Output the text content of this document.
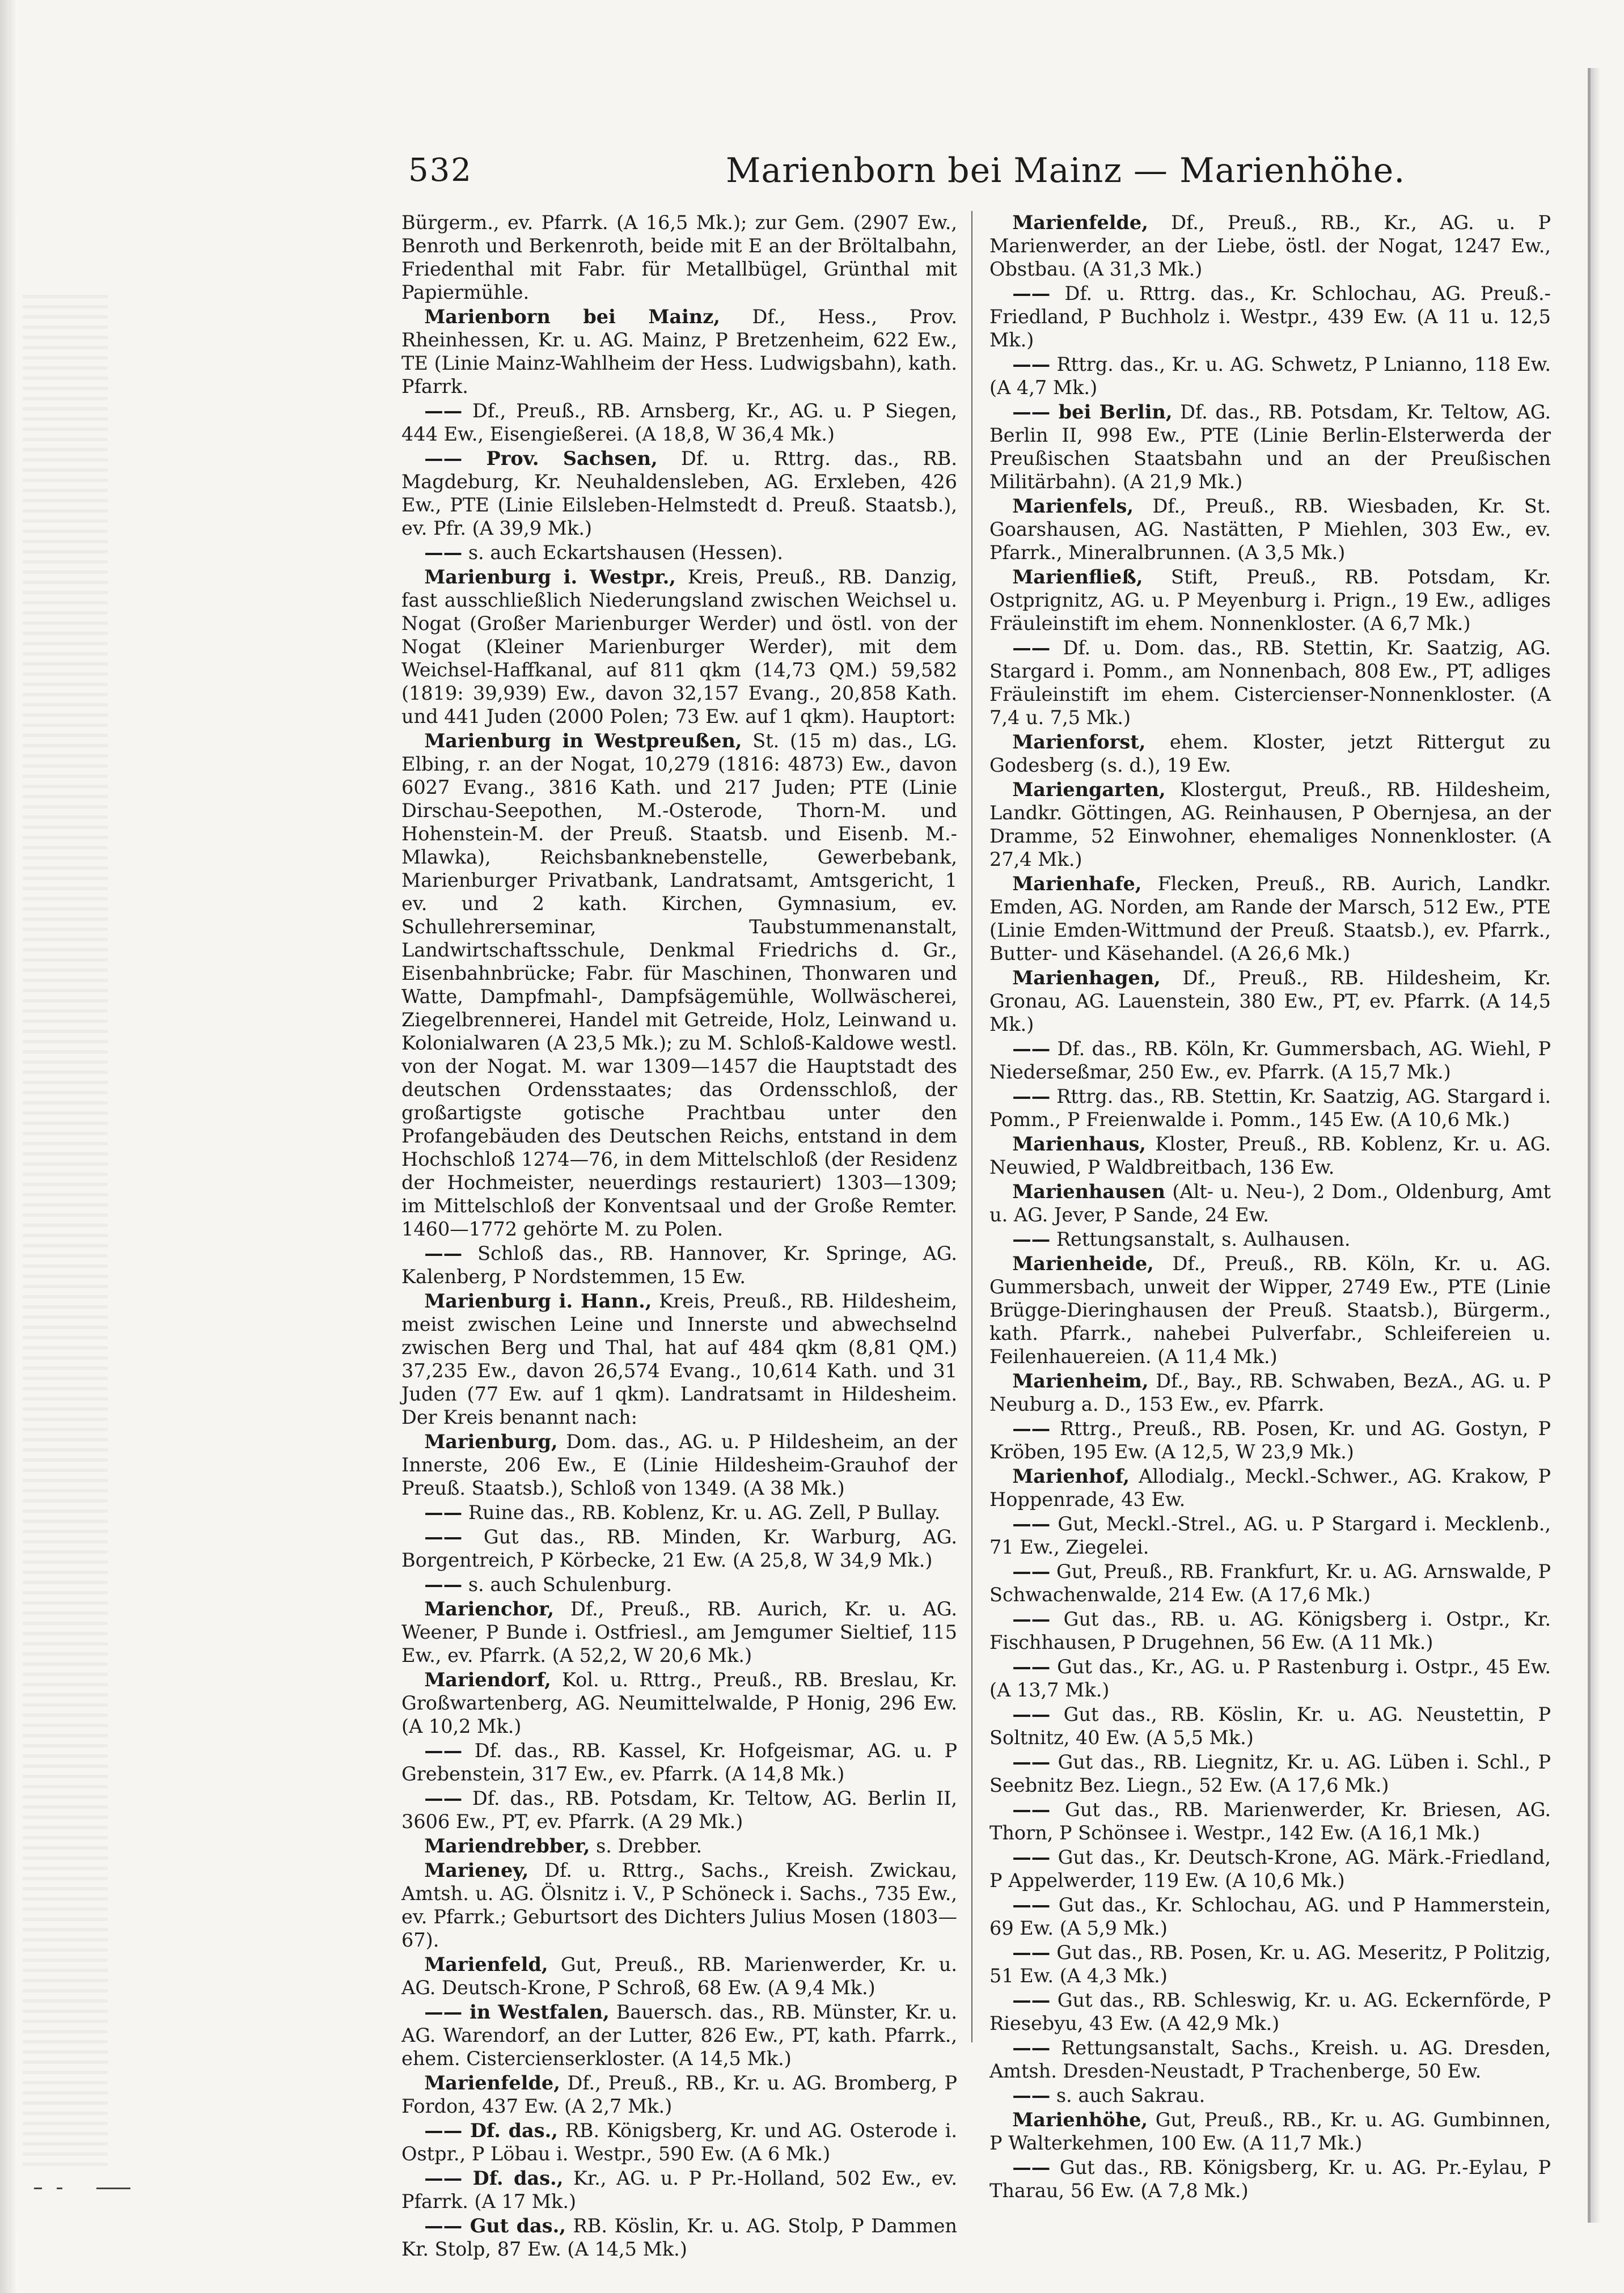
532	Marienborn bei Mainz — Marienhöhe.

Bürgerm., ev. Pfarrk. (A 16,5 Mk.); zur Gem. (2907 Ew., Benroth und Berkenroth, beide mit E an der Bröltalbahn, Friedenthal mit Fabr. für Metallbügel, Grünthal mit Papiermühle.

Marienborn bei Mainz, Df., Hess., Prov. Rheinhessen, Kr. u. AG. Mainz, P Bretzenheim, 622 Ew., TE (Linie Mainz-Wahlheim der Hess. Ludwigsbahn), kath. Pfarrk.

—— Df., Preuß., RB. Arnsberg, Kr., AG. u. P Siegen, 444 Ew., Eisengießerei. (A 18,8, W 36,4 Mk.)

—— Prov. Sachsen, Df. u. Rttrg. das., RB. Magdeburg, Kr. Neuhaldensleben, AG. Erxleben, 426 Ew., PTE (Linie Eilsleben-Helmstedt d. Preuß. Staatsb.), ev. Pfr. (A 39,9 Mk.)

—— s. auch Eckartshausen (Hessen).

Marienburg i. Westpr., Kreis, Preuß., RB. Danzig, fast ausschließlich Niederungsland zwischen Weichsel u. Nogat (Großer Marienburger Werder) und östl. von der Nogat (Kleiner Marienburger Werder), mit dem Weichsel-Haffkanal, auf 811 qkm (14,73 QM.) 59,582 (1819: 39,939) Ew., davon 32,157 Evang., 20,858 Kath. und 441 Juden (2000 Polen; 73 Ew. auf 1 qkm). Hauptort:

Marienburg in Westpreußen, St. (15 m) das., LG. Elbing, r. an der Nogat, 10,279 (1816: 4873) Ew., davon 6027 Evang., 3816 Kath. und 217 Juden; PTE (Linie Dirschau-Seepothen, M.-Osterode, Thorn-M. und Hohenstein-M. der Preuß. Staatsb. und Eisenb. M.-Mlawka), Reichsbanknebenstelle, Gewerbebank, Marienburger Privatbank, Landratsamt, Amtsgericht, 1 ev. und 2 kath. Kirchen, Gymnasium, ev. Schullehrerseminar, Taubstummenanstalt, Landwirtschaftsschule, Denkmal Friedrichs d. Gr., Eisenbahnbrücke; Fabr. für Maschinen, Thonwaren und Watte, Dampfmahl-, Dampfsägemühle, Wollwäscherei, Ziegelbrennerei, Handel mit Getreide, Holz, Leinwand u. Kolonialwaren (A 23,5 Mk.); zu M. Schloß-Kaldowe westl. von der Nogat. M. war 1309—1457 die Hauptstadt des deutschen Ordensstaates; das Ordensschloß, der großartigste gotische Prachtbau unter den Profangebäuden des Deutschen Reichs, entstand in dem Hochschloß 1274—76, in dem Mittelschloß (der Residenz der Hochmeister, neuerdings restauriert) 1303—1309; im Mittelschloß der Konventsaal und der Große Remter. 1460—1772 gehörte M. zu Polen.

—— Schloß das., RB. Hannover, Kr. Springe, AG. Kalenberg, P Nordstemmen, 15 Ew.

Marienburg i. Hann., Kreis, Preuß., RB. Hildesheim, meist zwischen Leine und Innerste und abwechselnd zwischen Berg und Thal, hat auf 484 qkm (8,81 QM.) 37,235 Ew., davon 26,574 Evang., 10,614 Kath. und 31 Juden (77 Ew. auf 1 qkm). Landratsamt in Hildesheim. Der Kreis benannt nach:

Marienburg, Dom. das., AG. u. P Hildesheim, an der Innerste, 206 Ew., E (Linie Hildesheim-Grauhof der Preuß. Staatsb.), Schloß von 1349. (A 38 Mk.)

—— Ruine das., RB. Koblenz, Kr. u. AG. Zell, P Bullay.

—— Gut das., RB. Minden, Kr. Warburg, AG. Borgentreich, P Körbecke, 21 Ew. (A 25,8, W 34,9 Mk.)

—— s. auch Schulenburg.

Marienchor, Df., Preuß., RB. Aurich, Kr. u. AG. Weener, P Bunde i. Ostfriesl., am Jemgumer Sieltief, 115 Ew., ev. Pfarrk. (A 52,2, W 20,6 Mk.)

Mariendorf, Kol. u. Rttrg., Preuß., RB. Breslau, Kr. Großwartenberg, AG. Neumittelwalde, P Honig, 296 Ew. (A 10,2 Mk.)

—— Df. das., RB. Kassel, Kr. Hofgeismar, AG. u. P Grebenstein, 317 Ew., ev. Pfarrk. (A 14,8 Mk.)

—— Df. das., RB. Potsdam, Kr. Teltow, AG. Berlin II, 3606 Ew., PT, ev. Pfarrk. (A 29 Mk.)

Mariendrebber, s. Drebber.

Marieney, Df. u. Rttrg., Sachs., Kreish. Zwickau, Amtsh. u. AG. Ölsnitz i. V., P Schöneck i. Sachs., 735 Ew., ev. Pfarrk.; Geburtsort des Dichters Julius Mosen (1803—67).

Marienfeld, Gut, Preuß., RB. Marienwerder, Kr. u. AG. Deutsch-Krone, P Schroß, 68 Ew. (A 9,4 Mk.)

—— in Westfalen, Bauersch. das., RB. Münster, Kr. u. AG. Warendorf, an der Lutter, 826 Ew., PT, kath. Pfarrk., ehem. Cistercienserkloster. (A 14,5 Mk.)

Marienfelde, Df., Preuß., RB., Kr. u. AG. Bromberg, P Fordon, 437 Ew. (A 2,7 Mk.)

—— Df. das., RB. Königsberg, Kr. und AG. Osterode i. Ostpr., P Löbau i. Westpr., 590 Ew. (A 6 Mk.)

—— Df. das., Kr., AG. u. P Pr.-Holland, 502 Ew., ev. Pfarrk. (A 17 Mk.)

—— Gut das., RB. Köslin, Kr. u. AG. Stolp, P Dammen Kr. Stolp, 87 Ew. (A 14,5 Mk.)

Marienfelde, Df., Preuß., RB., Kr., AG. u. P Marienwerder, an der Liebe, östl. der Nogat, 1247 Ew., Obstbau. (A 31,3 Mk.)

—— Df. u. Rttrg. das., Kr. Schlochau, AG. Preuß.-Friedland, P Buchholz i. Westpr., 439 Ew. (A 11 u. 12,5 Mk.)

—— Rttrg. das., Kr. u. AG. Schwetz, P Lnianno, 118 Ew. (A 4,7 Mk.)

—— bei Berlin, Df. das., RB. Potsdam, Kr. Teltow, AG. Berlin II, 998 Ew., PTE (Linie Berlin-Elsterwerda der Preußischen Staatsbahn und an der Preußischen Militärbahn). (A 21,9 Mk.)

Marienfels, Df., Preuß., RB. Wiesbaden, Kr. St. Goarshausen, AG. Nastätten, P Miehlen, 303 Ew., ev. Pfarrk., Mineralbrunnen. (A 3,5 Mk.)

Marienfließ, Stift, Preuß., RB. Potsdam, Kr. Ostprignitz, AG. u. P Meyenburg i. Prign., 19 Ew., adliges Fräuleinstift im ehem. Nonnenkloster. (A 6,7 Mk.)

—— Df. u. Dom. das., RB. Stettin, Kr. Saatzig, AG. Stargard i. Pomm., am Nonnenbach, 808 Ew., PT, adliges Fräuleinstift im ehem. Cistercienser-Nonnenkloster. (A 7,4 u. 7,5 Mk.)

Marienforst, ehem. Kloster, jetzt Rittergut zu Godesberg (s. d.), 19 Ew.

Mariengarten, Klostergut, Preuß., RB. Hildesheim, Landkr. Göttingen, AG. Reinhausen, P Obernjesa, an der Dramme, 52 Einwohner, ehemaliges Nonnenkloster. (A 27,4 Mk.)

Marienhafe, Flecken, Preuß., RB. Aurich, Landkr. Emden, AG. Norden, am Rande der Marsch, 512 Ew., PTE (Linie Emden-Wittmund der Preuß. Staatsb.), ev. Pfarrk., Butter- und Käsehandel. (A 26,6 Mk.)

Marienhagen, Df., Preuß., RB. Hildesheim, Kr. Gronau, AG. Lauenstein, 380 Ew., PT, ev. Pfarrk. (A 14,5 Mk.)

—— Df. das., RB. Köln, Kr. Gummersbach, AG. Wiehl, P Niederseßmar, 250 Ew., ev. Pfarrk. (A 15,7 Mk.)

—— Rttrg. das., RB. Stettin, Kr. Saatzig, AG. Stargard i. Pomm., P Freienwalde i. Pomm., 145 Ew. (A 10,6 Mk.)

Marienhaus, Kloster, Preuß., RB. Koblenz, Kr. u. AG. Neuwied, P Waldbreitbach, 136 Ew.

Marienhausen (Alt- u. Neu-), 2 Dom., Oldenburg, Amt u. AG. Jever, P Sande, 24 Ew.

—— Rettungsanstalt, s. Aulhausen.

Marienheide, Df., Preuß., RB. Köln, Kr. u. AG. Gummersbach, unweit der Wipper, 2749 Ew., PTE (Linie Brügge-Dieringhausen der Preuß. Staatsb.), Bürgerm., kath. Pfarrk., nahebei Pulverfabr., Schleifereien u. Feilenhauereien. (A 11,4 Mk.)

Marienheim, Df., Bay., RB. Schwaben, BezA., AG. u. P Neuburg a. D., 153 Ew., ev. Pfarrk.

—— Rttrg., Preuß., RB. Posen, Kr. und AG. Gostyn, P Kröben, 195 Ew. (A 12,5, W 23,9 Mk.)

Marienhof, Allodialg., Meckl.-Schwer., AG. Krakow, P Hoppenrade, 43 Ew.

—— Gut, Meckl.-Strel., AG. u. P Stargard i. Mecklenb., 71 Ew., Ziegelei.

—— Gut, Preuß., RB. Frankfurt, Kr. u. AG. Arnswalde, P Schwachenwalde, 214 Ew. (A 17,6 Mk.)

—— Gut das., RB. u. AG. Königsberg i. Ostpr., Kr. Fischhausen, P Drugehnen, 56 Ew. (A 11 Mk.)

—— Gut das., Kr., AG. u. P Rastenburg i. Ostpr., 45 Ew. (A 13,7 Mk.)

—— Gut das., RB. Köslin, Kr. u. AG. Neustettin, P Soltnitz, 40 Ew. (A 5,5 Mk.)

—— Gut das., RB. Liegnitz, Kr. u. AG. Lüben i. Schl., P Seebnitz Bez. Liegn., 52 Ew. (A 17,6 Mk.)

—— Gut das., RB. Marienwerder, Kr. Briesen, AG. Thorn, P Schönsee i. Westpr., 142 Ew. (A 16,1 Mk.)

—— Gut das., Kr. Deutsch-Krone, AG. Märk.-Friedland, P Appelwerder, 119 Ew. (A 10,6 Mk.)

—— Gut das., Kr. Schlochau, AG. und P Hammerstein, 69 Ew. (A 5,9 Mk.)

—— Gut das., RB. Posen, Kr. u. AG. Meseritz, P Politzig, 51 Ew. (A 4,3 Mk.)

—— Gut das., RB. Schleswig, Kr. u. AG. Eckernförde, P Riesebyu, 43 Ew. (A 42,9 Mk.)

—— Rettungsanstalt, Sachs., Kreish. u. AG. Dresden, Amtsh. Dresden-Neustadt, P Trachenberge, 50 Ew.

—— s. auch Sakrau.

Marienhöhe, Gut, Preuß., RB., Kr. u. AG. Gumbinnen, P Walterkehmen, 100 Ew. (A 11,7 Mk.)

—— Gut das., RB. Königsberg, Kr. u. AG. Pr.-Eylau, P Tharau, 56 Ew. (A 7,8 Mk.)
